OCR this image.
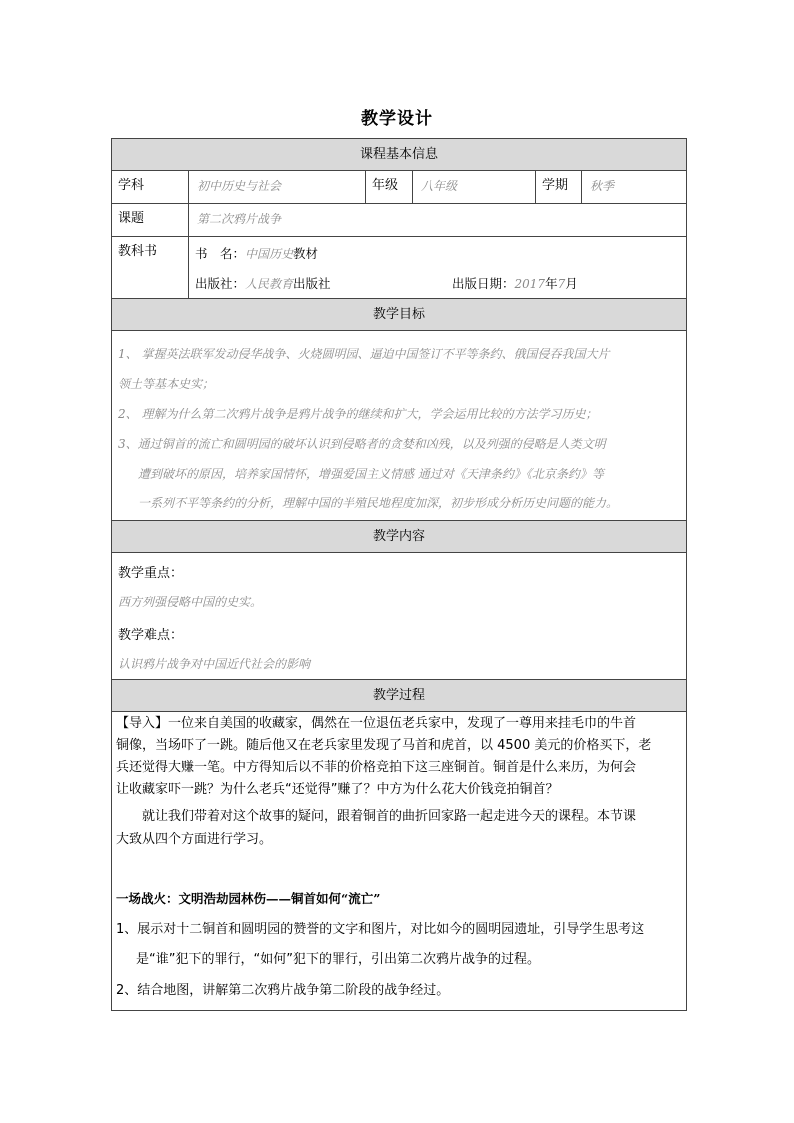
教学设计
课程基本信息
学科	初中历史与社会	年级	八年级	学期	秋季
课题	第二次鸦片战争
教科书	书　名：中国历史教材
出版社：人民教育出版社	出版日期：2017年7月
教学目标
1、 掌握英法联军发动侵华战争、火烧圆明园、逼迫中国签订不平等条约、俄国侵吞我国大片
领土等基本史实；
2、 理解为什么第二次鸦片战争是鸦片战争的继续和扩大，学会运用比较的方法学习历史；
3、通过铜首的流亡和圆明园的破坏认识到侵略者的贪婪和凶残，以及列强的侵略是人类文明
遭到破坏的原因，培养家国情怀，增强爱国主义情感 通过对《天津条约》《北京条约》等
一系列不平等条约的分析，理解中国的半殖民地程度加深，初步形成分析历史问题的能力。
教学内容
教学重点：
西方列强侵略中国的史实。
教学难点：
认识鸦片战争对中国近代社会的影响
教学过程
【导入】一位来自美国的收藏家，偶然在一位退伍老兵家中，发现了一尊用来挂毛巾的牛首
铜像，当场吓了一跳。随后他又在老兵家里发现了马首和虎首，以 4500 美元的价格买下，老
兵还觉得大赚一笔。中方得知后以不菲的价格竞拍下这三座铜首。铜首是什么来历，为何会
让收藏家吓一跳？为什么老兵“还觉得”赚了？中方为什么花大价钱竞拍铜首？
　　就让我们带着对这个故事的疑问，跟着铜首的曲折回家路一起走进今天的课程。本节课
大致从四个方面进行学习。
一场战火：文明浩劫园林伤——铜首如何“流亡”
1、展示对十二铜首和圆明园的赞誉的文字和图片，对比如今的圆明园遗址，引导学生思考这
是“谁”犯下的罪行，“如何”犯下的罪行，引出第二次鸦片战争的过程。
2、结合地图，讲解第二次鸦片战争第二阶段的战争经过。
